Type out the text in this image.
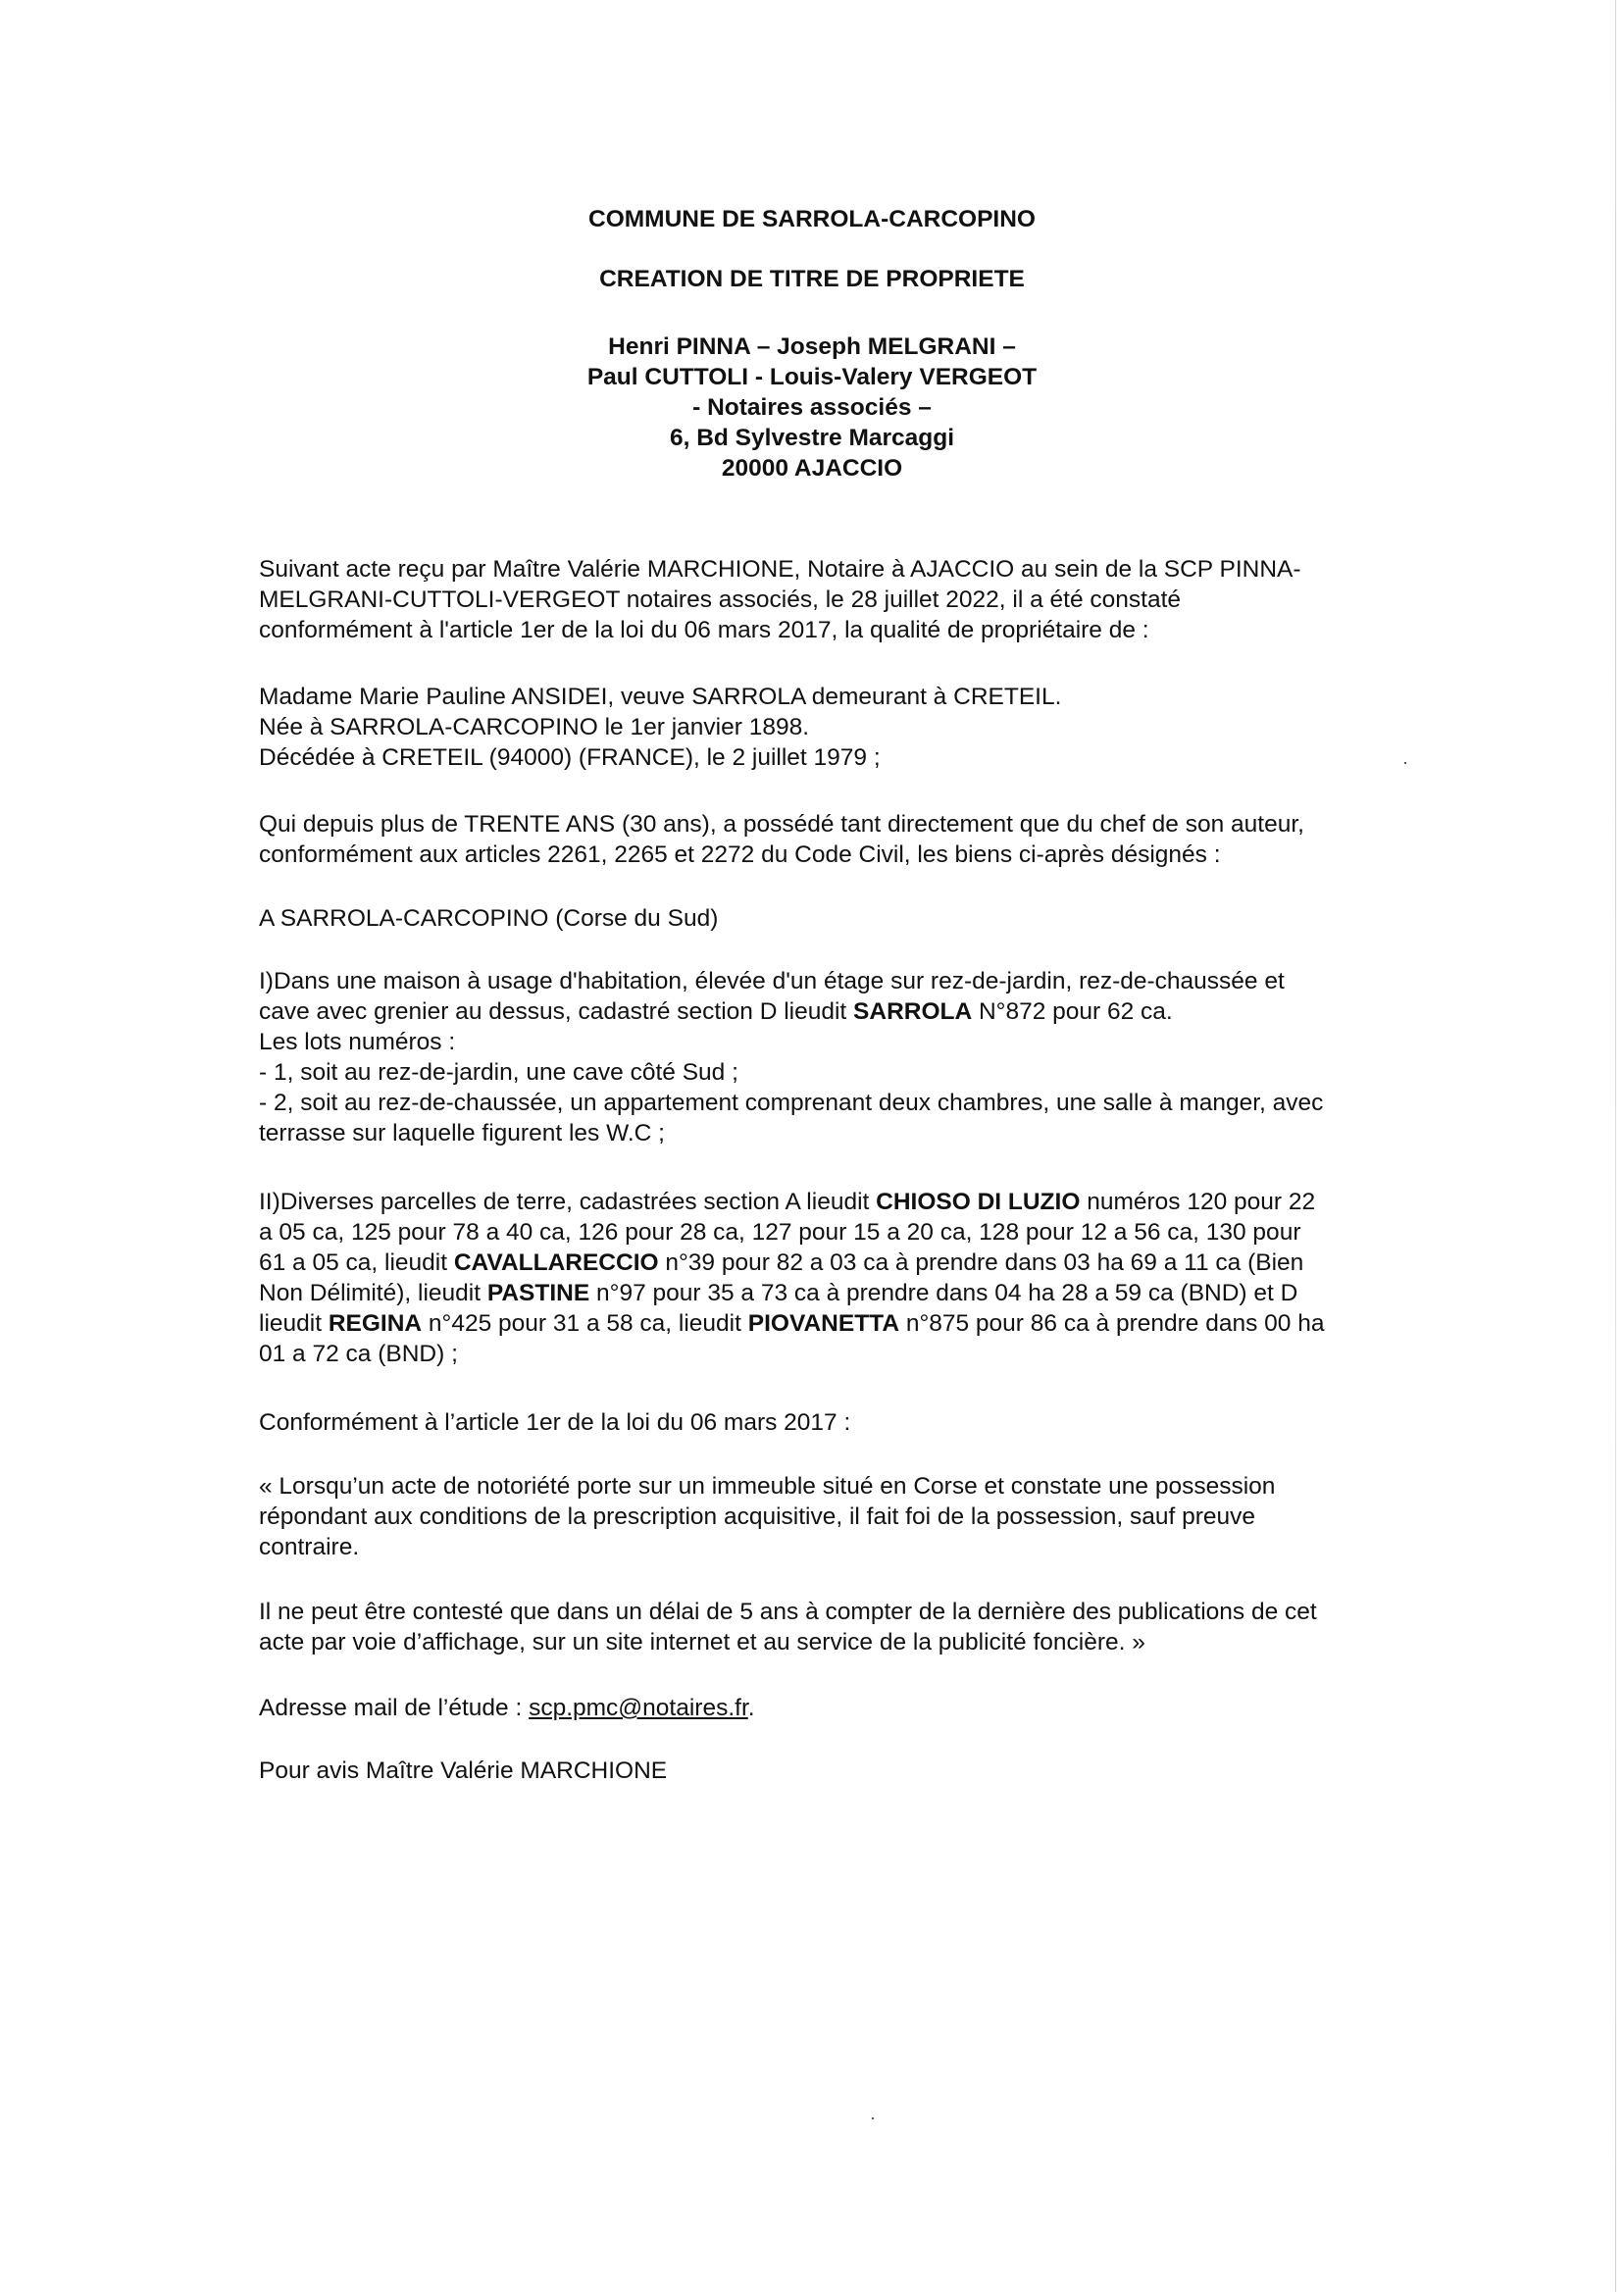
COMMUNE DE SARROLA-CARCOPINO
CREATION DE TITRE DE PROPRIETE
Henri PINNA – Joseph MELGRANI –
Paul CUTTOLI - Louis-Valery VERGEOT
- Notaires associés –
6, Bd Sylvestre Marcaggi
20000 AJACCIO

Suivant acte reçu par Maître Valérie MARCHIONE, Notaire à AJACCIO au sein de la SCP PINNA-
MELGRANI-CUTTOLI-VERGEOT notaires associés, le 28 juillet 2022, il a été constaté
conformément à l'article 1er de la loi du 06 mars 2017, la qualité de propriétaire de :

Madame Marie Pauline ANSIDEI, veuve SARROLA demeurant à CRETEIL.
Née à SARROLA-CARCOPINO le 1er janvier 1898.
Décédée à CRETEIL (94000) (FRANCE), le 2 juillet 1979 ;

Qui depuis plus de TRENTE ANS (30 ans), a possédé tant directement que du chef de son auteur,
conformément aux articles 2261, 2265 et 2272 du Code Civil, les biens ci-après désignés :

A SARROLA-CARCOPINO (Corse du Sud)

I)Dans une maison à usage d'habitation, élevée d'un étage sur rez-de-jardin, rez-de-chaussée et
cave avec grenier au dessus, cadastré section D lieudit SARROLA N°872 pour 62 ca.
Les lots numéros :
- 1, soit au rez-de-jardin, une cave côté Sud ;
- 2, soit au rez-de-chaussée, un appartement comprenant deux chambres, une salle à manger, avec
terrasse sur laquelle figurent les W.C ;

II)Diverses parcelles de terre, cadastrées section A lieudit CHIOSO DI LUZIO numéros 120 pour 22
a 05 ca, 125 pour 78 a 40 ca, 126 pour 28 ca, 127 pour 15 a 20 ca, 128 pour 12 a 56 ca, 130 pour
61 a 05 ca, lieudit CAVALLARECCIO n°39 pour 82 a 03 ca à prendre dans 03 ha 69 a 11 ca (Bien
Non Délimité), lieudit PASTINE n°97 pour 35 a 73 ca à prendre dans 04 ha 28 a 59 ca (BND) et D
lieudit REGINA n°425 pour 31 a 58 ca, lieudit PIOVANETTA n°875 pour 86 ca à prendre dans 00 ha
01 a 72 ca (BND) ;

Conformément à l’article 1er de la loi du 06 mars 2017 :

« Lorsqu’un acte de notoriété porte sur un immeuble situé en Corse et constate une possession
répondant aux conditions de la prescription acquisitive, il fait foi de la possession, sauf preuve
contraire.

Il ne peut être contesté que dans un délai de 5 ans à compter de la dernière des publications de cet
acte par voie d’affichage, sur un site internet et au service de la publicité foncière. »

Adresse mail de l’étude : scp.pmc@notaires.fr.

Pour avis Maître Valérie MARCHIONE
